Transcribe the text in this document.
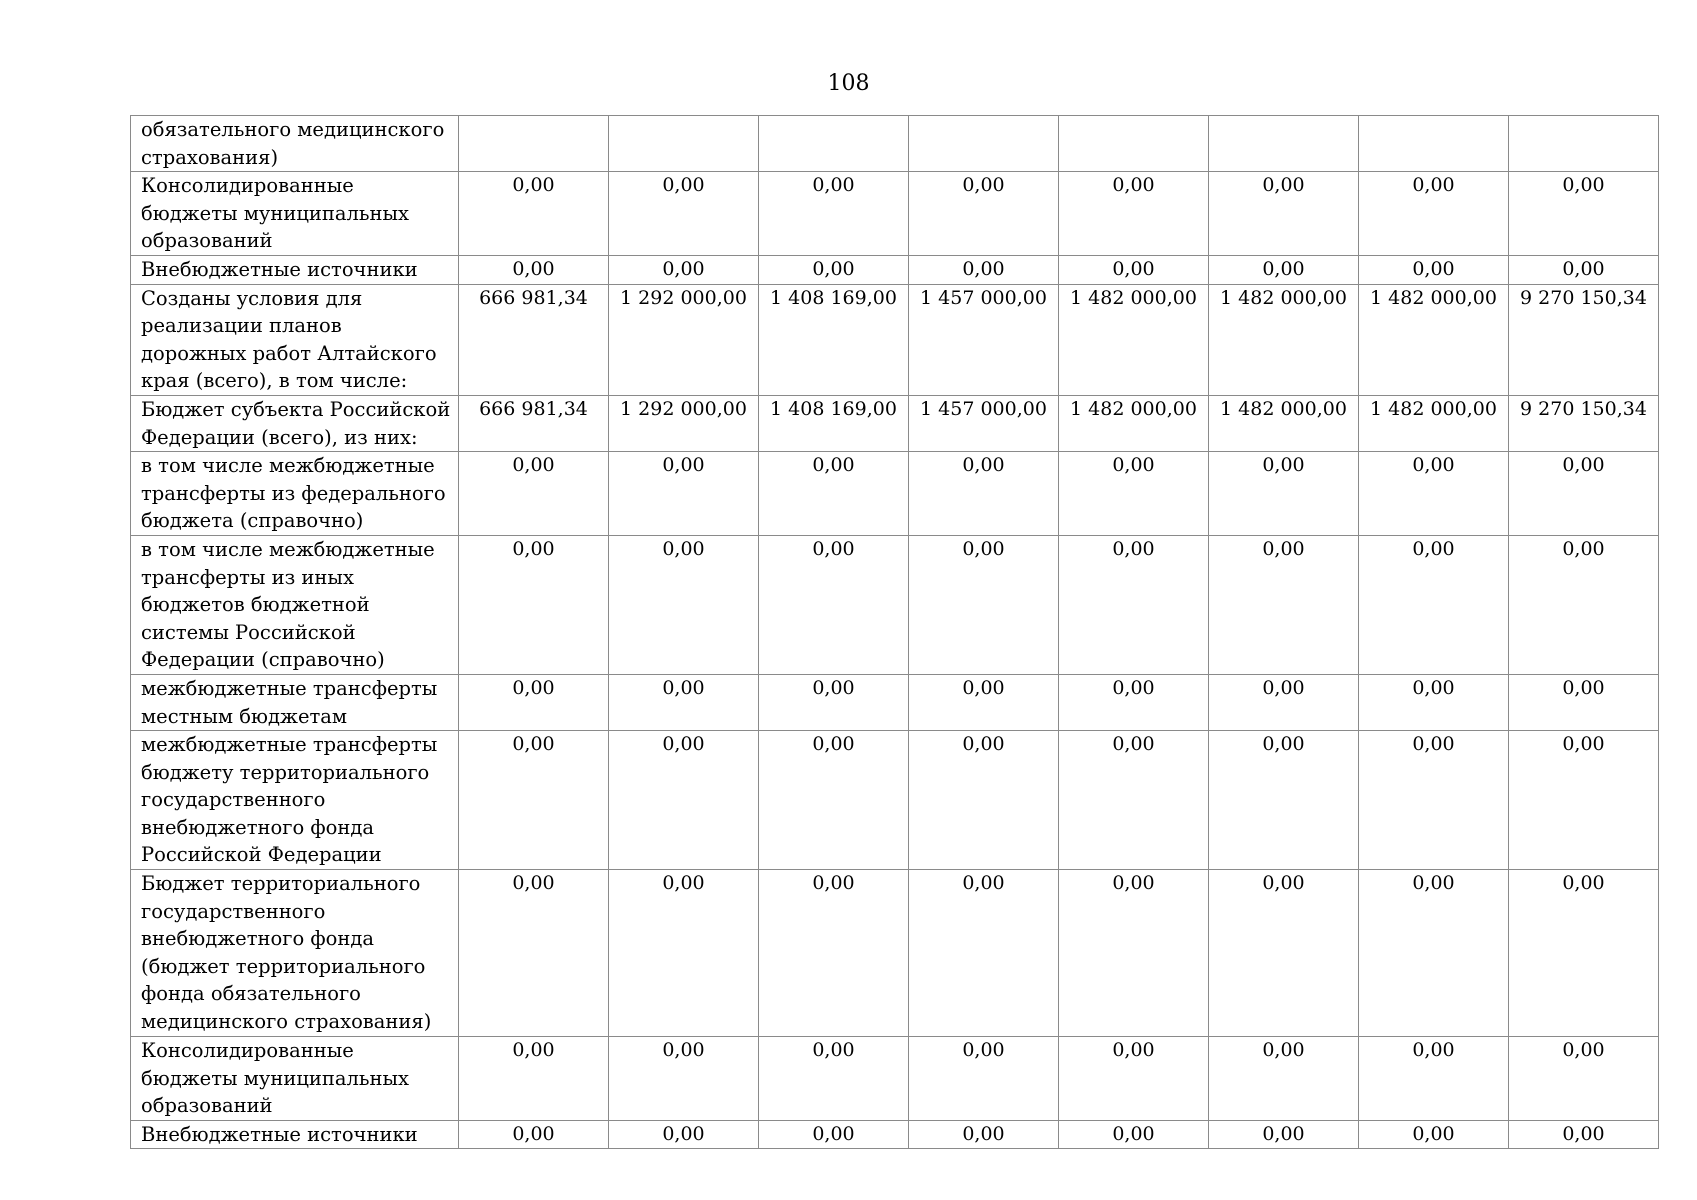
108
обязательного медицинского страхования)								
Консолидированные бюджеты муниципальных образований	0,00	0,00	0,00	0,00	0,00	0,00	0,00	0,00
Внебюджетные источники	0,00	0,00	0,00	0,00	0,00	0,00	0,00	0,00
Созданы условия для реализации планов дорожных работ Алтайского края (всего), в том числе:	666 981,34	1 292 000,00	1 408 169,00	1 457 000,00	1 482 000,00	1 482 000,00	1 482 000,00	9 270 150,34
Бюджет субъекта Российской Федерации (всего), из них:	666 981,34	1 292 000,00	1 408 169,00	1 457 000,00	1 482 000,00	1 482 000,00	1 482 000,00	9 270 150,34
в том числе межбюджетные трансферты из федерального бюджета (справочно)	0,00	0,00	0,00	0,00	0,00	0,00	0,00	0,00
в том числе межбюджетные трансферты из иных бюджетов бюджетной системы Российской Федерации (справочно)	0,00	0,00	0,00	0,00	0,00	0,00	0,00	0,00
межбюджетные трансферты местным бюджетам	0,00	0,00	0,00	0,00	0,00	0,00	0,00	0,00
межбюджетные трансферты бюджету территориального государственного внебюджетного фонда Российской Федерации	0,00	0,00	0,00	0,00	0,00	0,00	0,00	0,00
Бюджет территориального государственного внебюджетного фонда (бюджет территориального фонда обязательного медицинского страхования)	0,00	0,00	0,00	0,00	0,00	0,00	0,00	0,00
Консолидированные бюджеты муниципальных образований	0,00	0,00	0,00	0,00	0,00	0,00	0,00	0,00
Внебюджетные источники	0,00	0,00	0,00	0,00	0,00	0,00	0,00	0,00
